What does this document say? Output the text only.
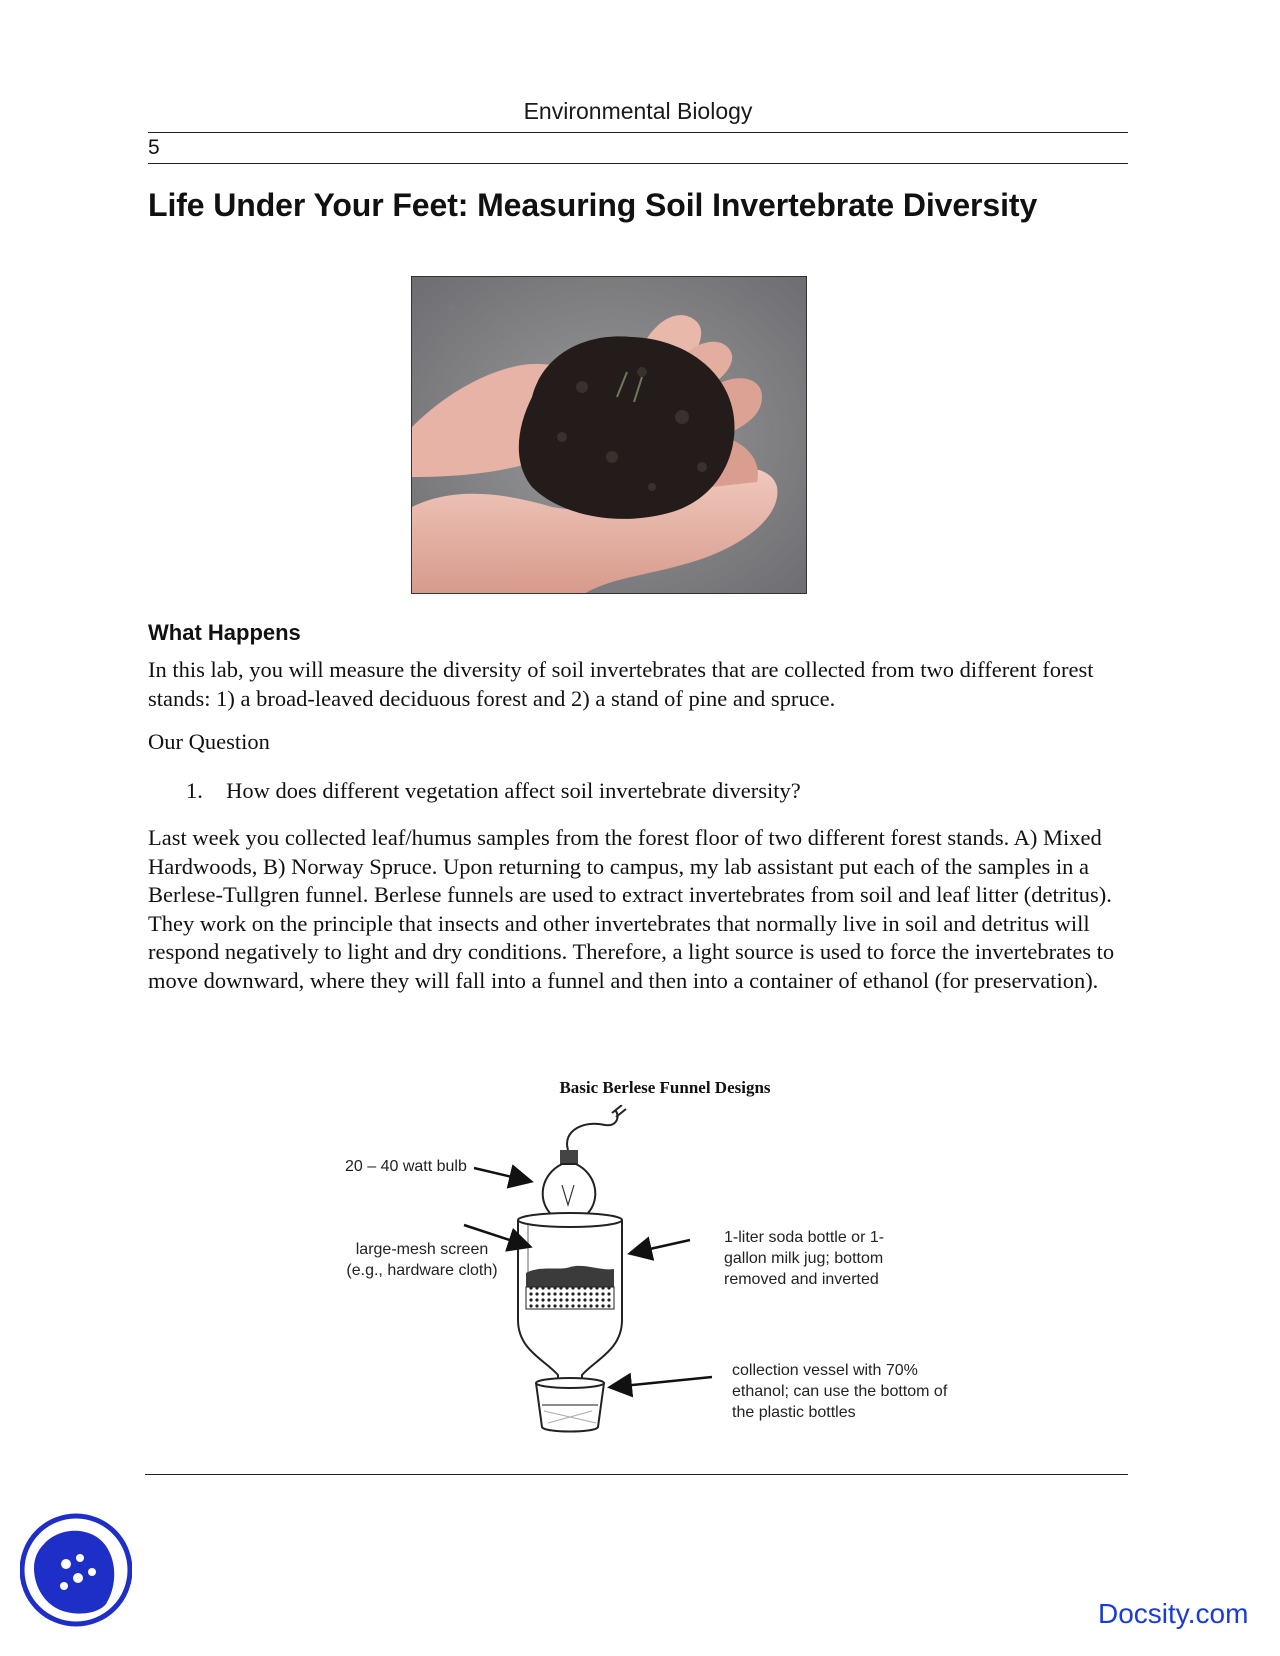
Environmental Biology
5
Life Under Your Feet: Measuring Soil Invertebrate Diversity
What Happens

In this lab, you will measure the diversity of soil invertebrates that are collected from two different forest stands: 1) a broad-leaved deciduous forest and 2) a stand of pine and spruce.

Our Question
1. How does different vegetation affect soil invertebrate diversity?

Last week you collected leaf/humus samples from the forest floor of two different forest stands. A) Mixed Hardwoods, B) Norway Spruce. Upon returning to campus, my lab assistant put each of the samples in a Berlese-Tullgren funnel. Berlese funnels are used to extract invertebrates from soil and leaf litter (detritus). They work on the principle that insects and other invertebrates that normally live in soil and detritus will respond negatively to light and dry conditions. Therefore, a light source is used to force the invertebrates to move downward, where they will fall into a funnel and then into a container of ethanol (for preservation).

Basic Berlese Funnel Designs
20 – 40 watt bulb
large-mesh screen
(e.g., hardware cloth)
1-liter soda bottle or 1-
gallon milk jug; bottom
removed and inverted
collection vessel with 70%
ethanol; can use the bottom of
the plastic bottles
Docsity.com
